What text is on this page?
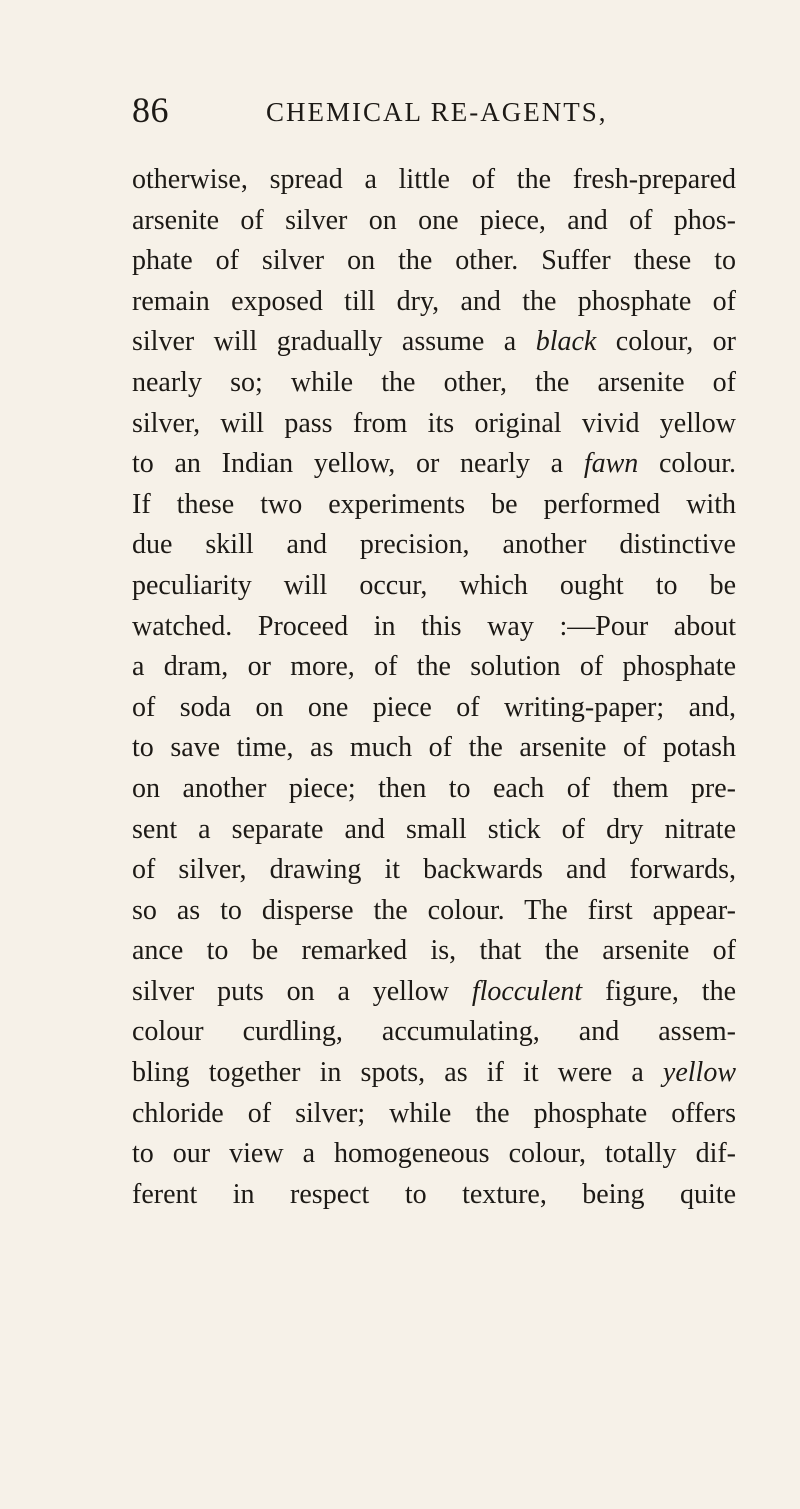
86	CHEMICAL RE-AGENTS,
otherwise, spread a little of the fresh-prepared
arsenite of silver on one piece, and of phos-
phate of silver on the other. Suffer these to
remain exposed till dry, and the phosphate of
silver will gradually assume a black colour, or
nearly so; while the other, the arsenite of
silver, will pass from its original vivid yellow
to an Indian yellow, or nearly a fawn colour.
If these two experiments be performed with
due skill and precision, another distinctive
peculiarity will occur, which ought to be
watched. Proceed in this way :—Pour about
a dram, or more, of the solution of phosphate
of soda on one piece of writing-paper; and,
to save time, as much of the arsenite of potash
on another piece; then to each of them pre-
sent a separate and small stick of dry nitrate
of silver, drawing it backwards and forwards,
so as to disperse the colour. The first appear-
ance to be remarked is, that the arsenite of
silver puts on a yellow flocculent figure, the
colour curdling, accumulating, and assem-
bling together in spots, as if it were a yellow
chloride of silver; while the phosphate offers
to our view a homogeneous colour, totally dif-
ferent in respect to texture, being quite
